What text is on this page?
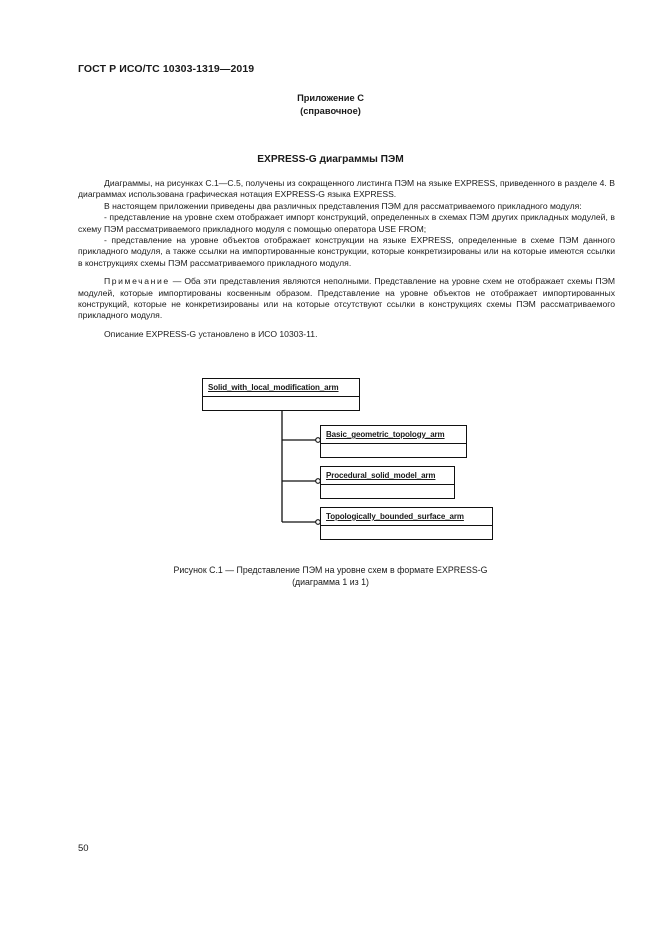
ГОСТ Р ИСО/ТС 10303-1319—2019
Приложение С
(справочное)
EXPRESS-G диаграммы ПЭМ

Диаграммы, на рисунках С.1—С.5, получены из сокращенного листинга ПЭМ на языке EXPRESS, приведенного в разделе 4. В диаграммах использована графическая нотация EXPRESS-G языка EXPRESS.

В настоящем приложении приведены два различных представления ПЭМ для рассматриваемого прикладного модуля:

- представление на уровне схем отображает импорт конструкций, определенных в схемах ПЭМ других прикладных модулей, в схему ПЭМ рассматриваемого прикладного модуля с помощью оператора USE FROM;

- представление на уровне объектов отображает конструкции на языке EXPRESS, определенные в схеме ПЭМ данного прикладного модуля, а также ссылки на импортированные конструкции, которые конкретизированы или на которые имеются ссылки в конструкциях схемы ПЭМ рассматриваемого прикладного модуля.

Примечание — Оба эти представления являются неполными. Представление на уровне схем не отображает схемы ПЭМ модулей, которые импортированы косвенным образом. Представление на уровне объектов не отображает импортированных конструкций, которые не конкретизированы или на которые отсутствуют ссылки в конструкциях схемы ПЭМ рассматриваемого прикладного модуля.

Описание EXPRESS-G установлено в ИСО 10303-11.

Solid_with_local_modification_arm
Basic_geometric_topology_arm
Procedural_solid_model_arm
Topologically_bounded_surface_arm
Рисунок С.1 — Представление ПЭМ на уровне схем в формате EXPRESS-G
(диаграмма 1 из 1)
50
